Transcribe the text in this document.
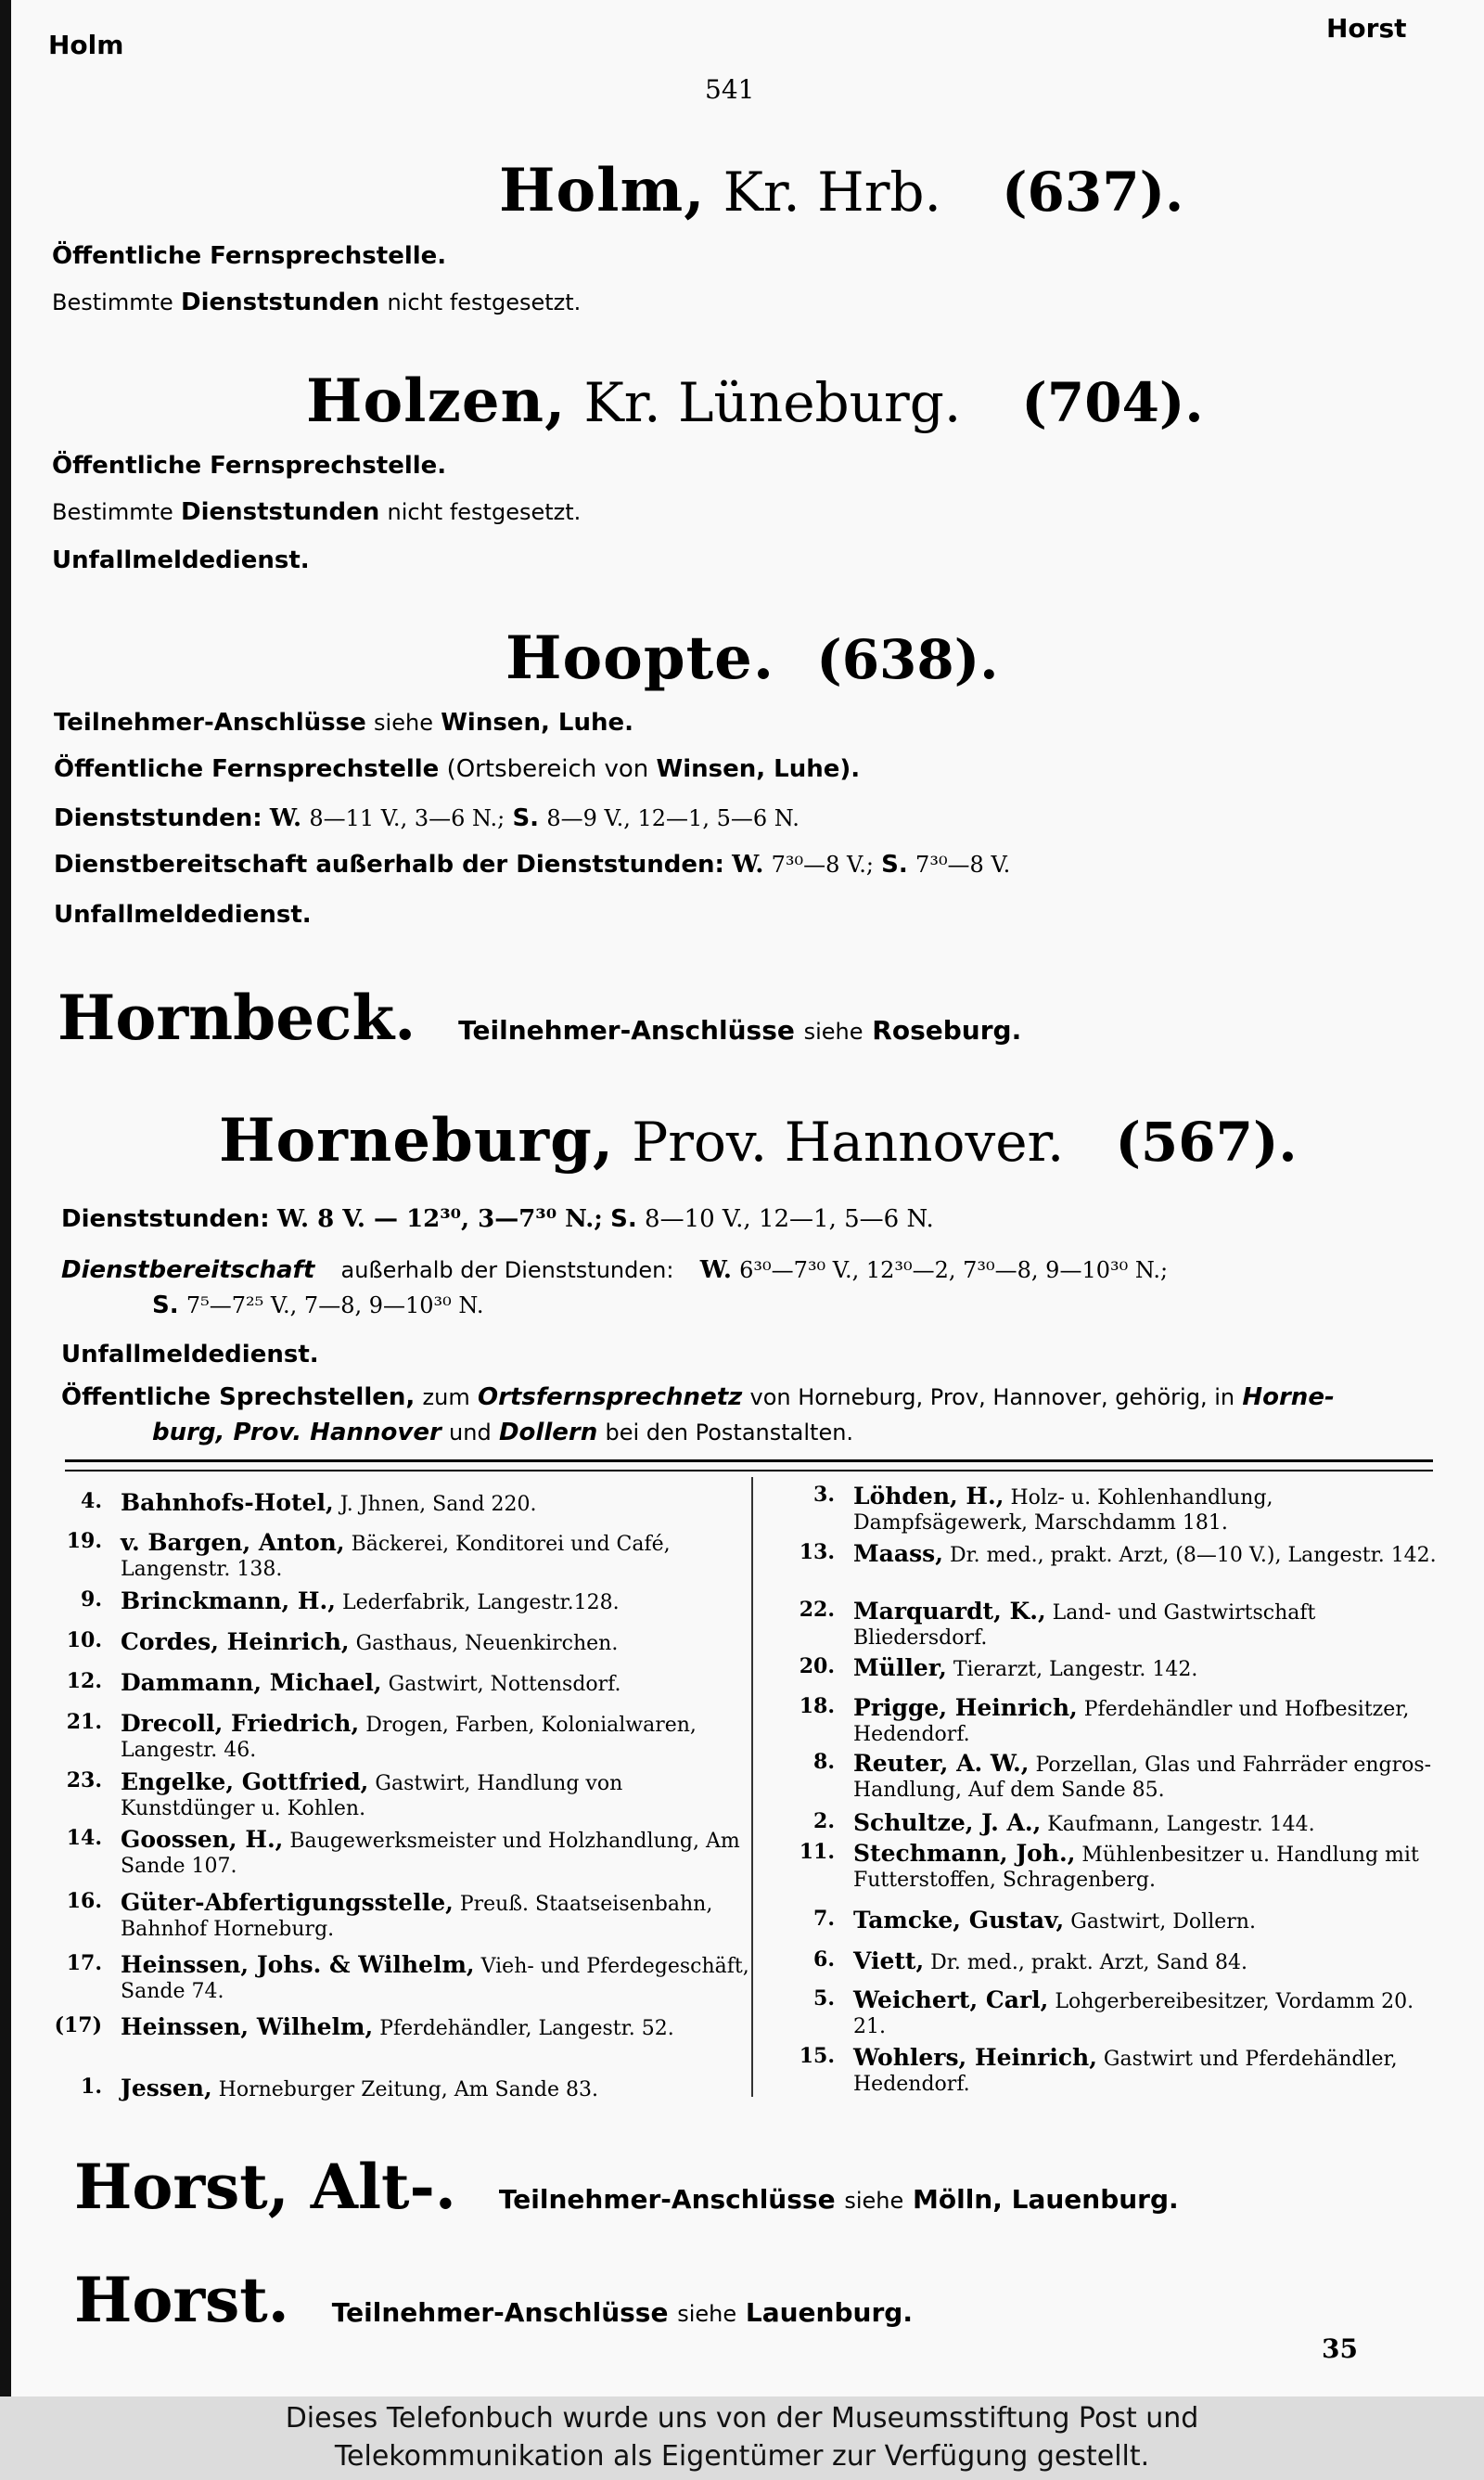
Holm
Horst
541
Holm, Kr. Hrb. (637).
Öffentliche Fernsprechstelle.
Bestimmte Dienststunden nicht festgesetzt.
Holzen, Kr. Lüneburg. (704).
Öffentliche Fernsprechstelle.
Bestimmte Dienststunden nicht festgesetzt.
Unfallmeldedienst.
Hoopte. (638).
Teilnehmer-Anschlüsse siehe Winsen, Luhe.
Öffentliche Fernsprechstelle (Ortsbereich von Winsen, Luhe).
Dienststunden: W. 8—11 V., 3—6 N.; S. 8—9 V., 12—1, 5—6 N.
Dienstbereitschaft außerhalb der Dienststunden: W. 7³⁰—8 V.; S. 7³⁰—8 V.
Unfallmeldedienst.
Hornbeck. Teilnehmer-Anschlüsse siehe Roseburg.
Horneburg, Prov. Hannover. (567).
Dienststunden: W. 8 V. — 12³⁰, 3—7³⁰ N.; S. 8—10 V., 12—1, 5—6 N.
Dienstbereitschaft außerhalb der Dienststunden: W. 6³⁰—7³⁰ V., 12³⁰—2, 7³⁰—8, 9—10³⁰ N.;
S. 7⁵—7²⁵ V., 7—8, 9—10³⁰ N.
Unfallmeldedienst.
Öffentliche Sprechstellen, zum Ortsfernsprechnetz von Horneburg, Prov, Hannover, gehörig, in Horne-
burg, Prov. Hannover und Dollern bei den Postanstalten.
4. Bahnhofs-Hotel, J. Jhnen, Sand 220.
19. v. Bargen, Anton, Bäckerei, Konditorei und Café, Langenstr. 138.
9. Brinckmann, H., Lederfabrik, Langestr.128.
10. Cordes, Heinrich, Gasthaus, Neuenkirchen.
12. Dammann, Michael, Gastwirt, Nottensdorf.
21. Drecoll, Friedrich, Drogen, Farben, Kolonialwaren, Langestr. 46.
23. Engelke, Gottfried, Gastwirt, Handlung von Kunstdünger u. Kohlen.
14. Goossen, H., Baugewerksmeister und Holzhandlung, Am Sande 107.
16. Güter-Abfertigungsstelle, Preuß. Staatseisenbahn, Bahnhof Horneburg.
17. Heinssen, Johs. & Wilhelm, Vieh- und Pferdegeschäft, Sande 74.
(17) Heinssen, Wilhelm, Pferdehändler, Langestr. 52.
1. Jessen, Horneburger Zeitung, Am Sande 83.
3. Löhden, H., Holz- u. Kohlenhandlung, Dampfsägewerk, Marschdamm 181.
13. Maass, Dr. med., prakt. Arzt, (8—10 V.), Langestr. 142.
22. Marquardt, K., Land- und Gastwirtschaft Bliedersdorf.
20. Müller, Tierarzt, Langestr. 142.
18. Prigge, Heinrich, Pferdehändler und Hofbesitzer, Hedendorf.
8. Reuter, A. W., Porzellan, Glas und Fahrräder engros-Handlung, Auf dem Sande 85.
2. Schultze, J. A., Kaufmann, Langestr. 144.
11. Stechmann, Joh., Mühlenbesitzer u. Handlung mit Futterstoffen, Schragenberg.
7. Tamcke, Gustav, Gastwirt, Dollern.
6. Viett, Dr. med., prakt. Arzt, Sand 84.
5. Weichert, Carl, Lohgerbereibesitzer, Vordamm 20. 21.
15. Wohlers, Heinrich, Gastwirt und Pferdehändler, Hedendorf.
Horst, Alt-. Teilnehmer-Anschlüsse siehe Mölln, Lauenburg.
Horst. Teilnehmer-Anschlüsse siehe Lauenburg.
35
Dieses Telefonbuch wurde uns von der Museumsstiftung Post und
Telekommunikation als Eigentümer zur Verfügung gestellt.
